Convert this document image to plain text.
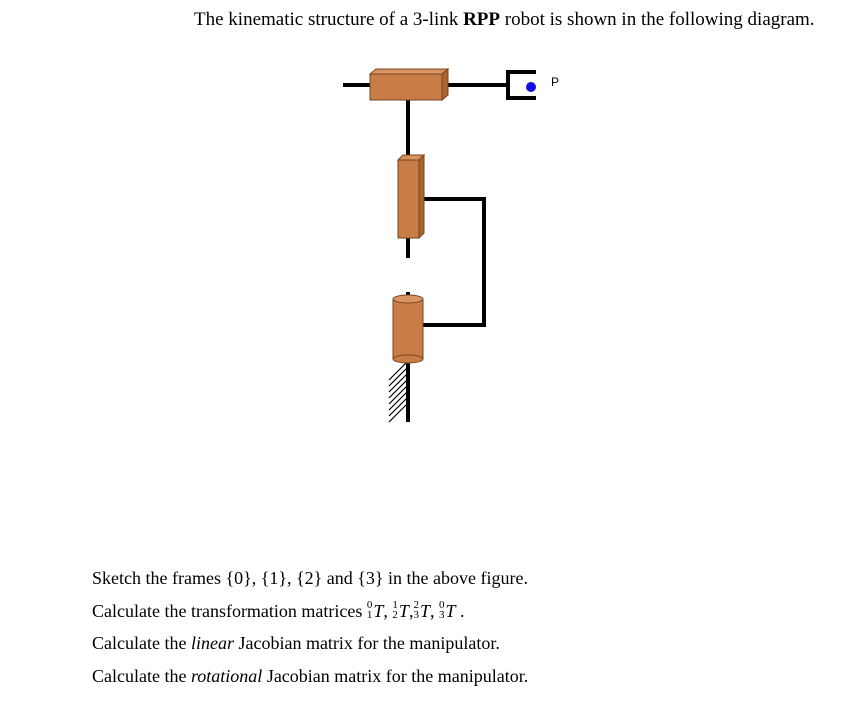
The kinematic structure of a 3-link RPP robot is shown in the following diagram.
P
Sketch the frames {0}, {1}, {2} and {3} in the above figure.
Calculate the transformation matrices 0
1 T, 1
2 T, 2
3 T, 0
3 T .
Calculate the linear Jacobian matrix for the manipulator.
Calculate the rotational Jacobian matrix for the manipulator.
